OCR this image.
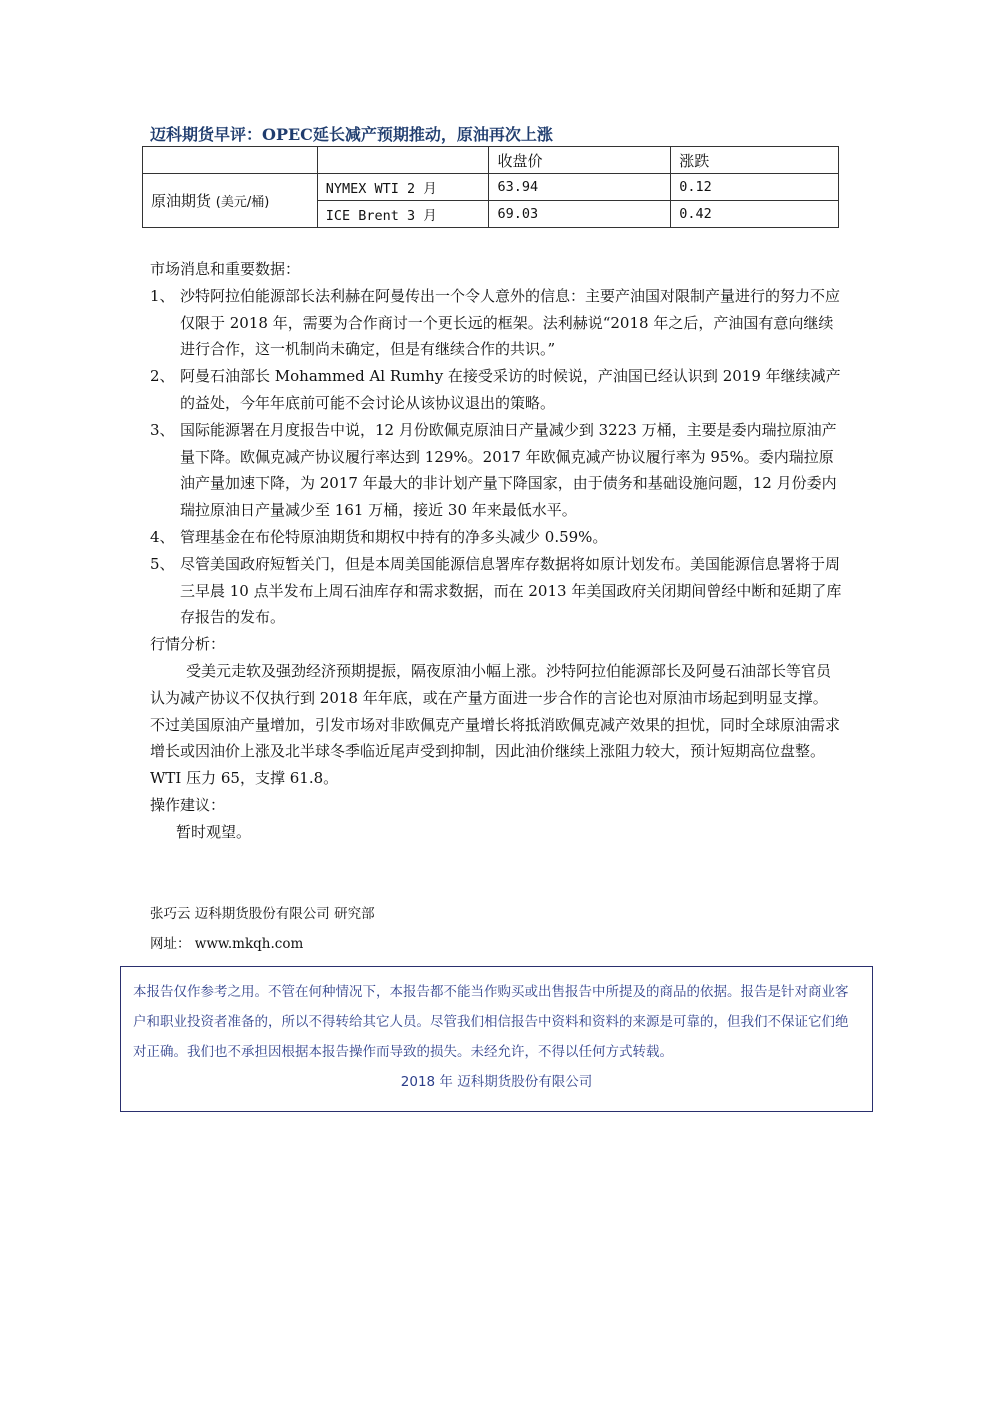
迈科期货早评：OPEC延长减产预期推动，原油再次上涨
		收盘价	涨跌
原油期货 (美元/桶)	NYMEX WTI 2 月	63.94	0.12
	ICE Brent 3 月	69.03	0.42

市场消息和重要数据：

1、 沙特阿拉伯能源部长法利赫在阿曼传出一个令人意外的信息：主要产油国对限制产量进行的努力不应仅限于 2018 年，需要为合作商讨一个更长远的框架。法利赫说“2018 年之后，产油国有意向继续进行合作，这一机制尚未确定，但是有继续合作的共识。”
2、 阿曼石油部长 Mohammed Al Rumhy 在接受采访的时候说，产油国已经认识到 2019 年继续减产的益处，今年年底前可能不会讨论从该协议退出的策略。
3、 国际能源署在月度报告中说，12 月份欧佩克原油日产量减少到 3223 万桶，主要是委内瑞拉原油产量下降。欧佩克减产协议履行率达到 129%。2017 年欧佩克减产协议履行率为 95%。委内瑞拉原油产量加速下降，为 2017 年最大的非计划产量下降国家，由于债务和基础设施问题，12 月份委内瑞拉原油日产量减少至 161 万桶，接近 30 年来最低水平。
4、 管理基金在布伦特原油期货和期权中持有的净多头减少 0.59%。
5、 尽管美国政府短暂关门，但是本周美国能源信息署库存数据将如原计划发布。美国能源信息署将于周三早晨 10 点半发布上周石油库存和需求数据，而在 2013 年美国政府关闭期间曾经中断和延期了库存报告的发布。

行情分析：

受美元走软及强劲经济预期提振，隔夜原油小幅上涨。沙特阿拉伯能源部长及阿曼石油部长等官员认为减产协议不仅执行到 2018 年年底，或在产量方面进一步合作的言论也对原油市场起到明显支撑。不过美国原油产量增加，引发市场对非欧佩克产量增长将抵消欧佩克减产效果的担忧，同时全球原油需求增长或因油价上涨及北半球冬季临近尾声受到抑制，因此油价继续上涨阻力较大，预计短期高位盘整。WTI 压力 65，支撑 61.8。

操作建议：

暂时观望。

张巧云 迈科期货股份有限公司 研究部
网址： www.mkqh.com

本报告仅作参考之用。不管在何种情况下，本报告都不能当作购买或出售报告中所提及的商品的依据。报告是针对商业客户和职业投资者准备的，所以不得转给其它人员。尽管我们相信报告中资料和资料的来源是可靠的，但我们不保证它们绝对正确。我们也不承担因根据本报告操作而导致的损失。未经允许，不得以任何方式转载。

2018 年 迈科期货股份有限公司
